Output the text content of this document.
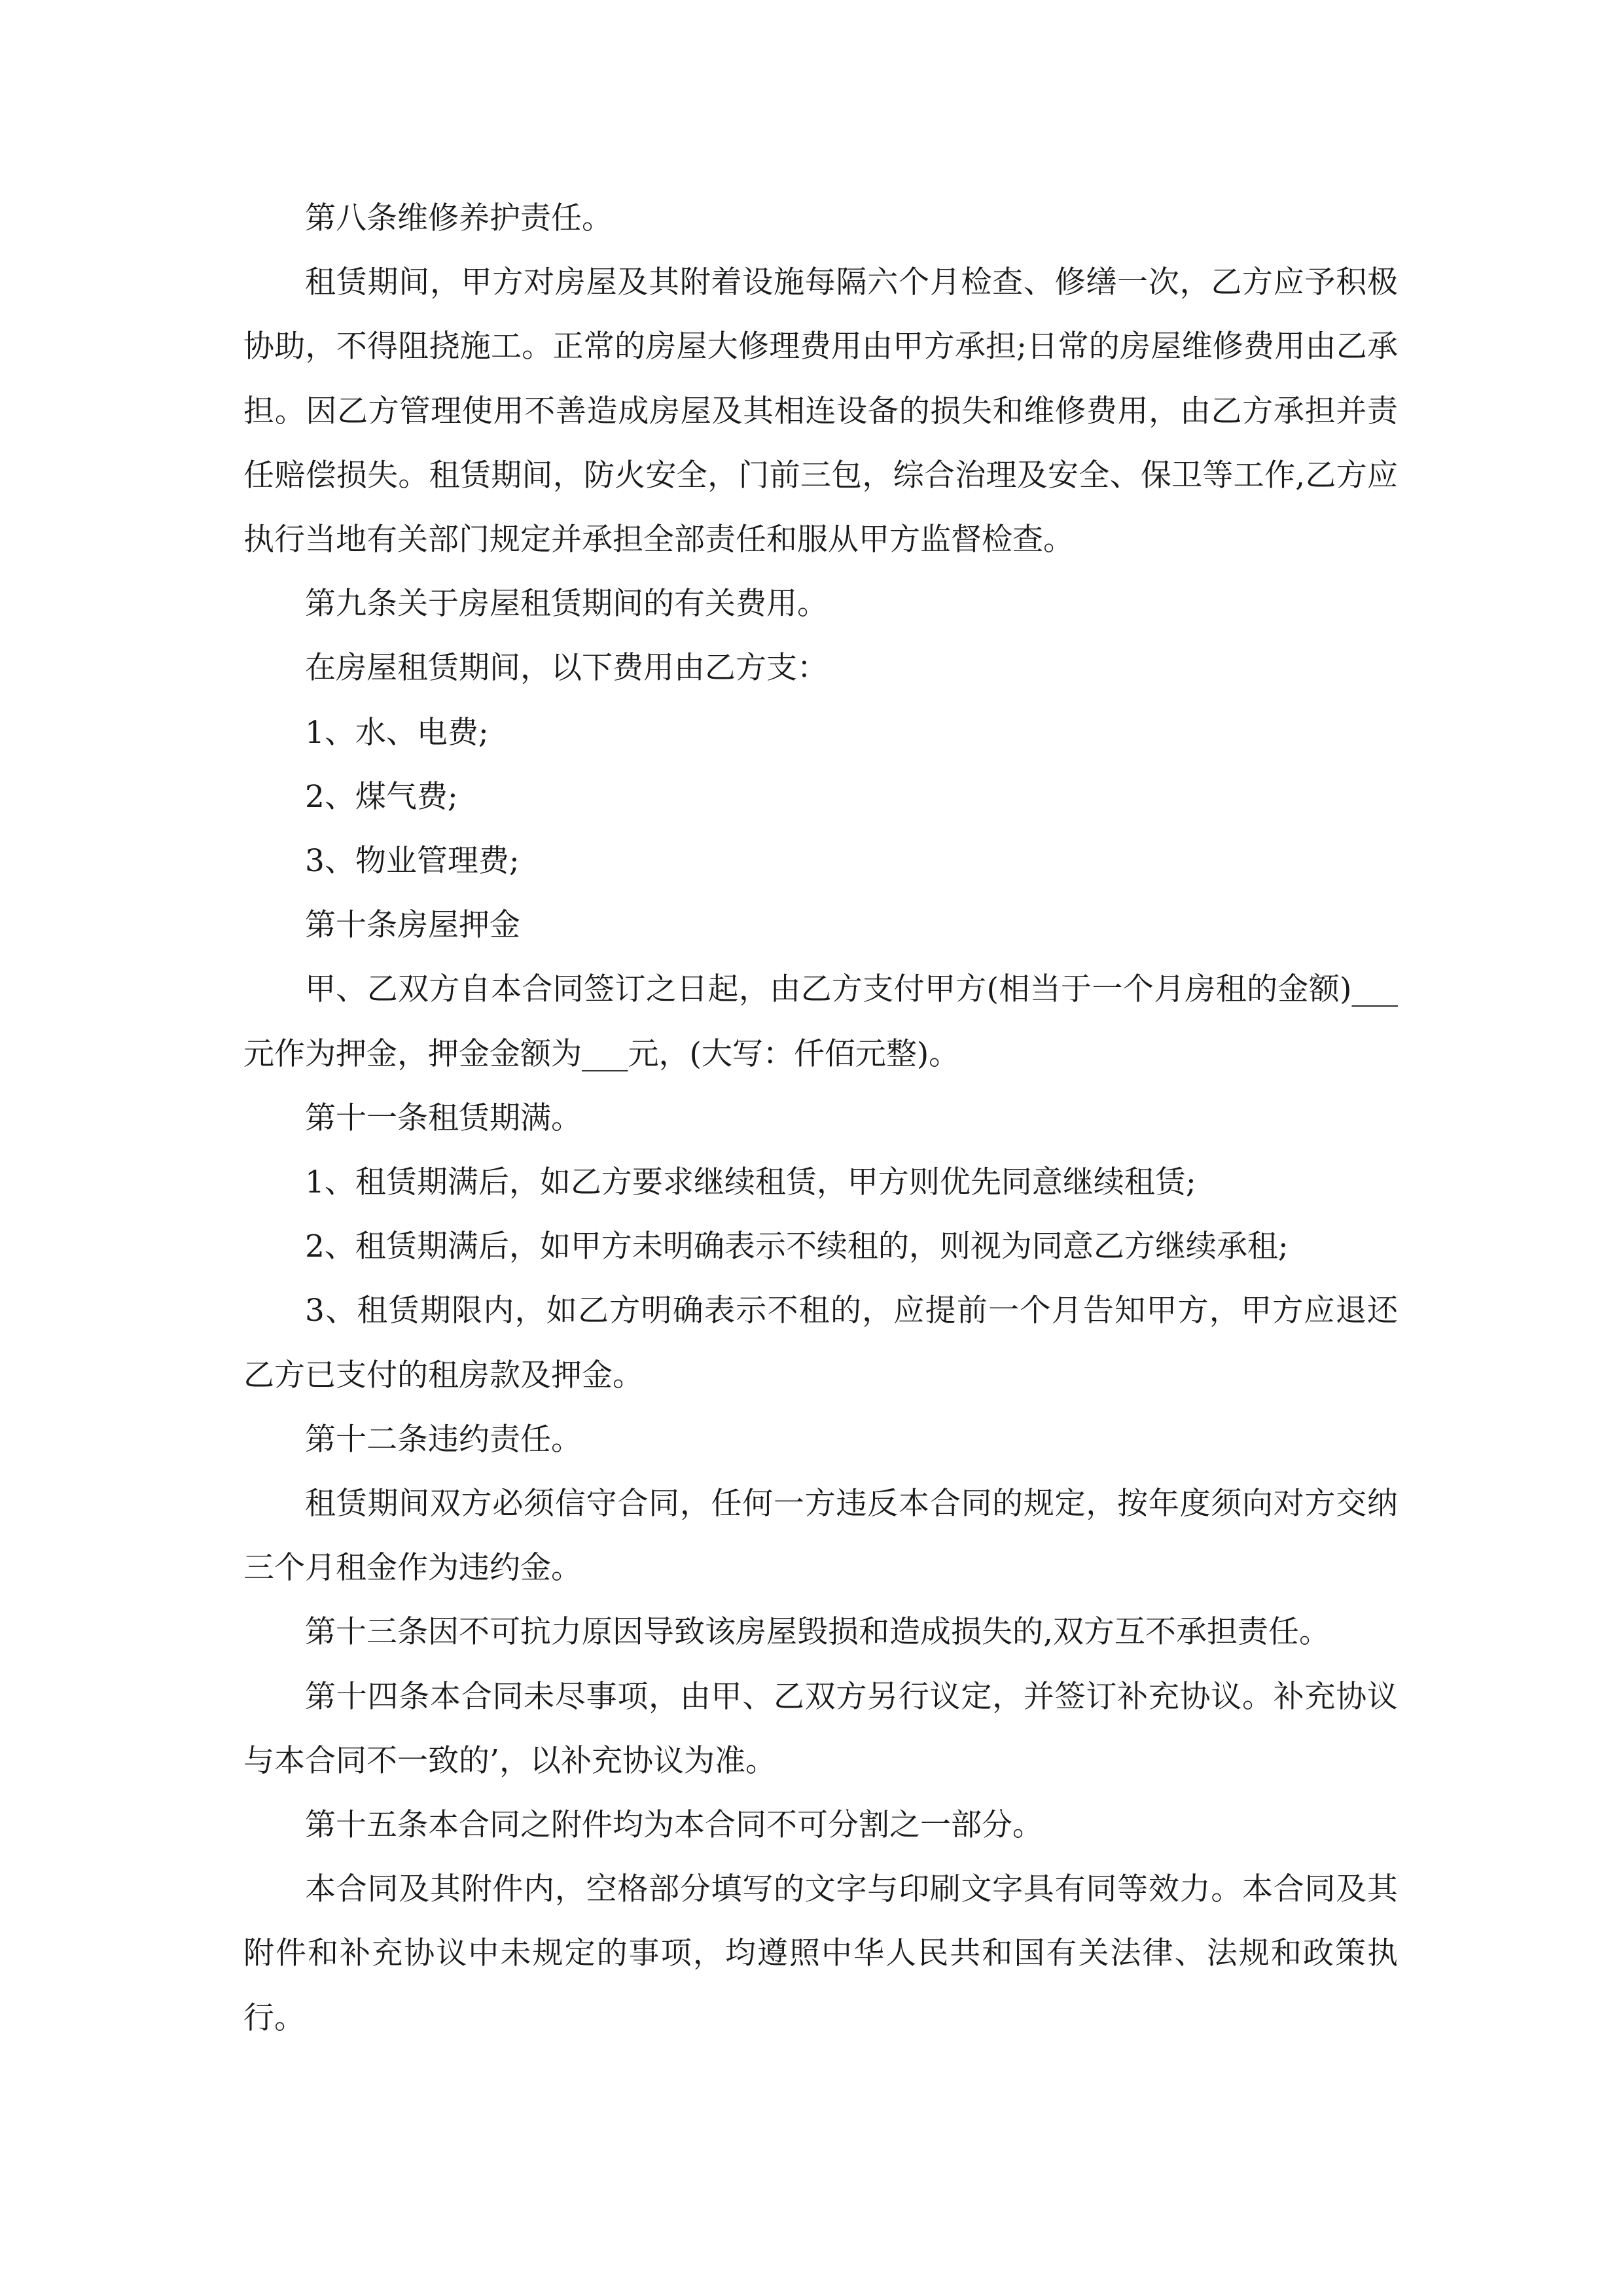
第八条维修养护责任。

租赁期间，甲方对房屋及其附着设施每隔六个月检查、修缮一次，乙方应予积极协助，不得阻挠施工。正常的房屋大修理费用由甲方承担;日常的房屋维修费用由乙承担。因乙方管理使用不善造成房屋及其相连设备的损失和维修费用，由乙方承担并责任赔偿损失。租赁期间，防火安全，门前三包，综合治理及安全、保卫等工作,乙方应执行当地有关部门规定并承担全部责任和服从甲方监督检查。

第九条关于房屋租赁期间的有关费用。

在房屋租赁期间，以下费用由乙方支：

1、水、电费;

2、煤气费;

3、物业管理费;

第十条房屋押金

甲、乙双方自本合同签订之日起，由乙方支付甲方(相当于一个月房租的金额)___元作为押金，押金金额为___元，(大写：仟佰元整)。

第十一条租赁期满。

1、租赁期满后，如乙方要求继续租赁，甲方则优先同意继续租赁;

2、租赁期满后，如甲方未明确表示不续租的，则视为同意乙方继续承租;

3、租赁期限内，如乙方明确表示不租的，应提前一个月告知甲方，甲方应退还乙方已支付的租房款及押金。

第十二条违约责任。

租赁期间双方必须信守合同，任何一方违反本合同的规定，按年度须向对方交纳三个月租金作为违约金。

第十三条因不可抗力原因导致该房屋毁损和造成损失的,双方互不承担责任。

第十四条本合同未尽事项，由甲、乙双方另行议定，并签订补充协议。补充协议与本合同不一致的’，以补充协议为准。

第十五条本合同之附件均为本合同不可分割之一部分。

本合同及其附件内，空格部分填写的文字与印刷文字具有同等效力。本合同及其附件和补充协议中未规定的事项，均遵照中华人民共和国有关法律、法规和政策执行。
